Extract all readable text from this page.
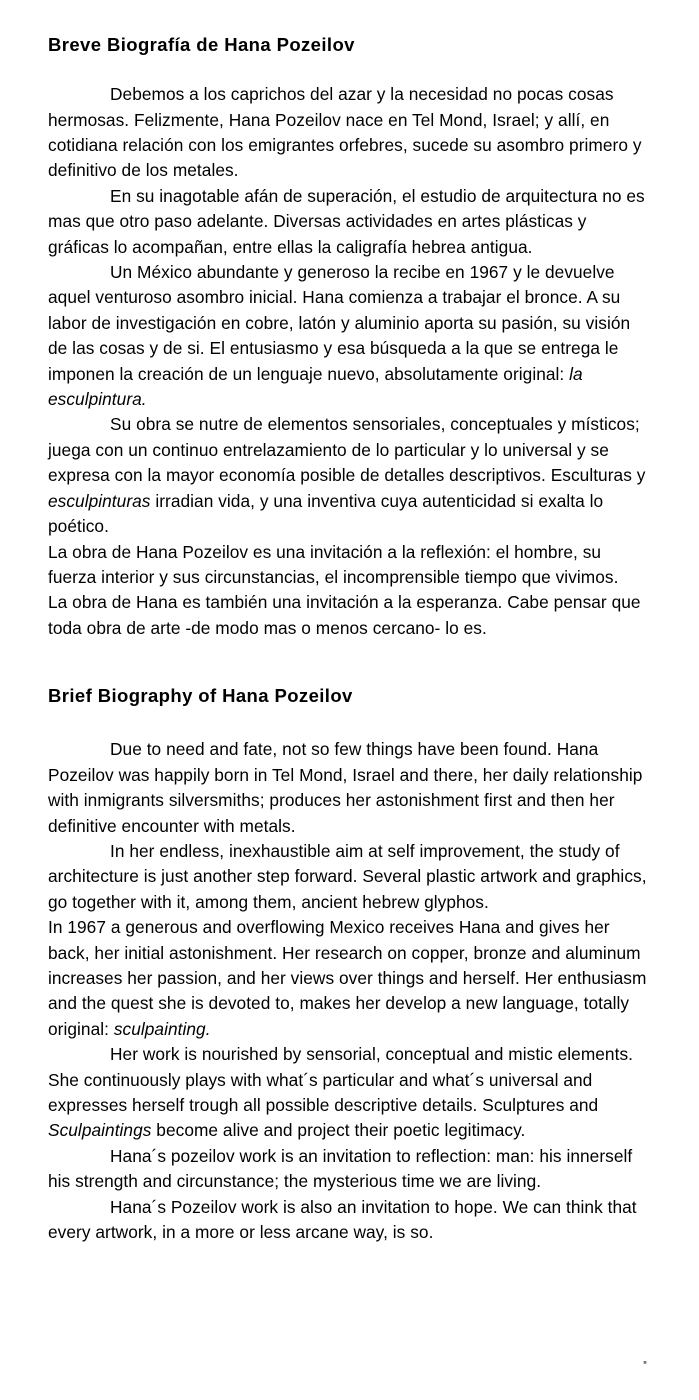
Breve Biografía de Hana Pozeilov

Debemos a los caprichos del azar y la necesidad no pocas cosas hermosas. Felizmente, Hana Pozeilov nace en Tel Mond, Israel; y allí, en cotidiana relación con los emigrantes orfebres, sucede su asombro primero y definitivo de los metales.

En su inagotable afán de superación, el estudio de arquitectura no es mas que otro paso adelante. Diversas actividades en artes plásticas y gráficas lo acompañan, entre ellas la caligrafía hebrea antigua.

Un México abundante y generoso la recibe en 1967 y le devuelve aquel venturoso asombro inicial. Hana comienza a trabajar el bronce. A su labor de investigación en cobre, latón y aluminio aporta su pasión, su visión de las cosas y de si. El entusiasmo y esa búsqueda a la que se entrega le imponen la creación de un lenguaje nuevo, absolutamente original: la esculpintura.

Su obra se nutre de elementos sensoriales, conceptuales y místicos; juega con un continuo entrelazamiento de lo particular y lo universal y se expresa con la mayor economía posible de detalles descriptivos. Esculturas y esculpinturas irradian vida, y una inventiva cuya autenticidad si exalta lo poético.

La obra de Hana Pozeilov es una invitación a la reflexión: el hombre, su fuerza interior y sus circunstancias, el incomprensible tiempo que vivimos.

La obra de Hana es también una invitación a la esperanza. Cabe pensar que toda obra de arte -de modo mas o menos cercano- lo es.

Brief Biography of Hana Pozeilov

Due to need and fate, not so few things have been found. Hana Pozeilov was happily born in Tel Mond, Israel and there, her daily relationship with inmigrants silversmiths; produces her astonishment first and then her definitive encounter with metals.

In her endless, inexhaustible aim at self improvement, the study of architecture is just another step forward. Several plastic artwork and graphics, go together with it, among them, ancient hebrew glyphos.

In 1967 a generous and overflowing Mexico receives Hana and gives her back, her initial astonishment. Her research on copper, bronze and aluminum increases her passion, and her views over things and herself. Her enthusiasm and the quest she is devoted to, makes her develop a new language, totally original: sculpainting.

Her work is nourished by sensorial, conceptual and mistic elements. She continuously plays with what´s particular and what´s universal and expresses herself trough all possible descriptive details. Sculptures and Sculpaintings become alive and project their poetic legitimacy.

Hana´s pozeilov work is an invitation to reflection: man: his innerself his strength and circunstance; the mysterious time we are living.

Hana´s Pozeilov work is also an invitation to hope. We can think that every artwork, in a more or less arcane way, is so.

''
